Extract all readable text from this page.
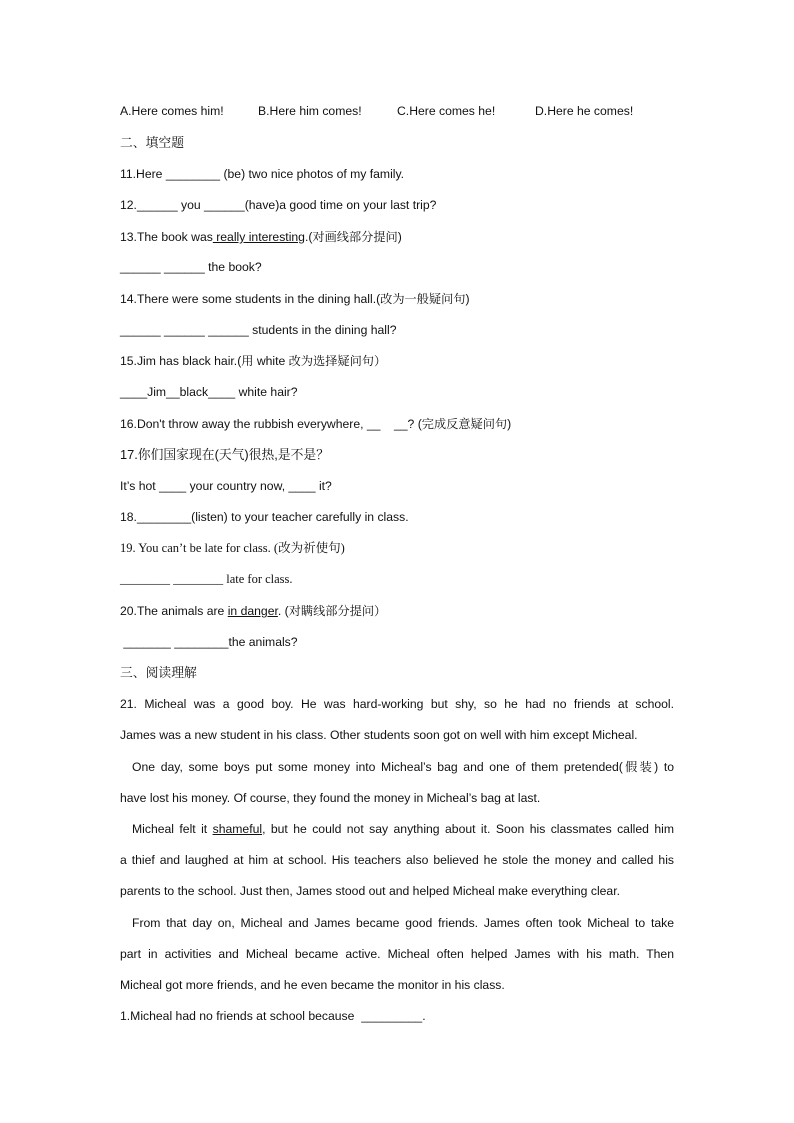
A.Here comes him!	B.Here him comes!	C.Here comes he!	D.Here he comes!
二、填空题
11.Here ________ (be) two nice photos of my family.
12.______ you ______(have)a good time on your last trip?
13.The book was really interesting.(对画线部分提问)
______ ______ the book?
14.There were some students in the dining hall.(改为一般疑问句)
______ ______ ______ students in the dining hall?
15.Jim has black hair.(用 white 改为选择疑问句）
____Jim__black____ white hair?
16.Don't throw away the rubbish everywhere, __    __? (完成反意疑问句)
17.你们国家现在(天气)很热,是不是？
It’s hot ____ your country now, ____ it?
18.________(listen) to your teacher carefully in class.
19. You can’t be late for class. (改为祈使句)
________ ________ late for class.
20.The animals are in danger. (对瞒线部分提问）
_______ ________the animals?
三、阅读理解
21. Micheal was a good boy. He was hard-working but shy, so he had no friends at school.
James was a new student in his class. Other students soon got on well with him except Micheal.
One day, some boys put some money into Micheal’s bag and one of them pretended(假装) to
have lost his money. Of course, they found the money in Micheal’s bag at last.
Micheal felt it shameful, but he could not say anything about it. Soon his classmates called him
a thief and laughed at him at school. His teachers also believed he stole the money and called his
parents to the school. Just then, James stood out and helped Micheal make everything clear.
From that day on, Micheal and James became good friends. James often took Micheal to take
part in activities and Micheal became active. Micheal often helped James with his math. Then
Micheal got more friends, and he even became the monitor in his class.
1.Micheal had no friends at school because  _________.
